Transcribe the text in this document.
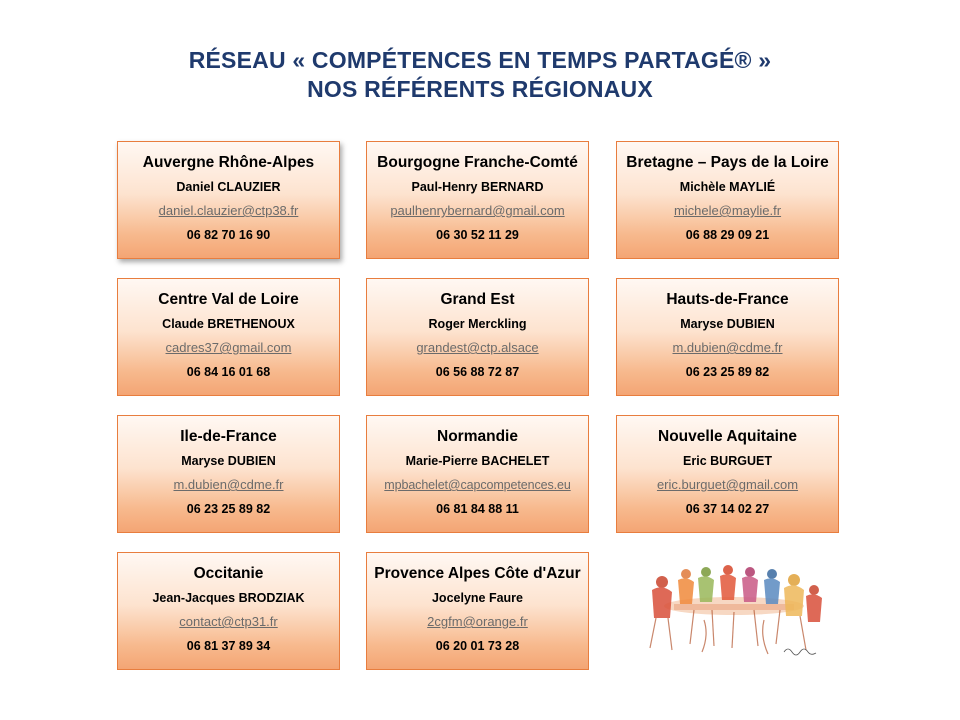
RÉSEAU « COMPÉTENCES EN TEMPS PARTAGÉ® »
NOS RÉFÉRENTS RÉGIONAUX
Auvergne Rhône-Alpes
Daniel CLAUZIER
daniel.clauzier@ctp38.fr
06 82 70 16 90
Bourgogne Franche-Comté
Paul-Henry BERNARD
paulhenrybernard@gmail.com
06 30 52 11 29
Bretagne – Pays de la Loire
Michèle MAYLIÉ
michele@maylie.fr
06 88 29 09 21
Centre Val de Loire
Claude BRETHENOUX
cadres37@gmail.com
06 84 16 01 68
Grand Est
Roger Merckling
grandest@ctp.alsace
06 56 88 72 87
Hauts-de-France
Maryse DUBIEN
m.dubien@cdme.fr
06 23 25 89 82
Ile-de-France
Maryse DUBIEN
m.dubien@cdme.fr
06 23 25 89 82
Normandie
Marie-Pierre BACHELET
mpbachelet@capcompetences.eu
06 81 84 88 11
Nouvelle Aquitaine
Eric BURGUET
eric.burguet@gmail.com
06 37 14 02 27
Occitanie
Jean-Jacques BRODZIAK
contact@ctp31.fr
06 81 37 89 34
Provence Alpes Côte d'Azur
Jocelyne Faure
2cgfm@orange.fr
06 20 01 73 28
